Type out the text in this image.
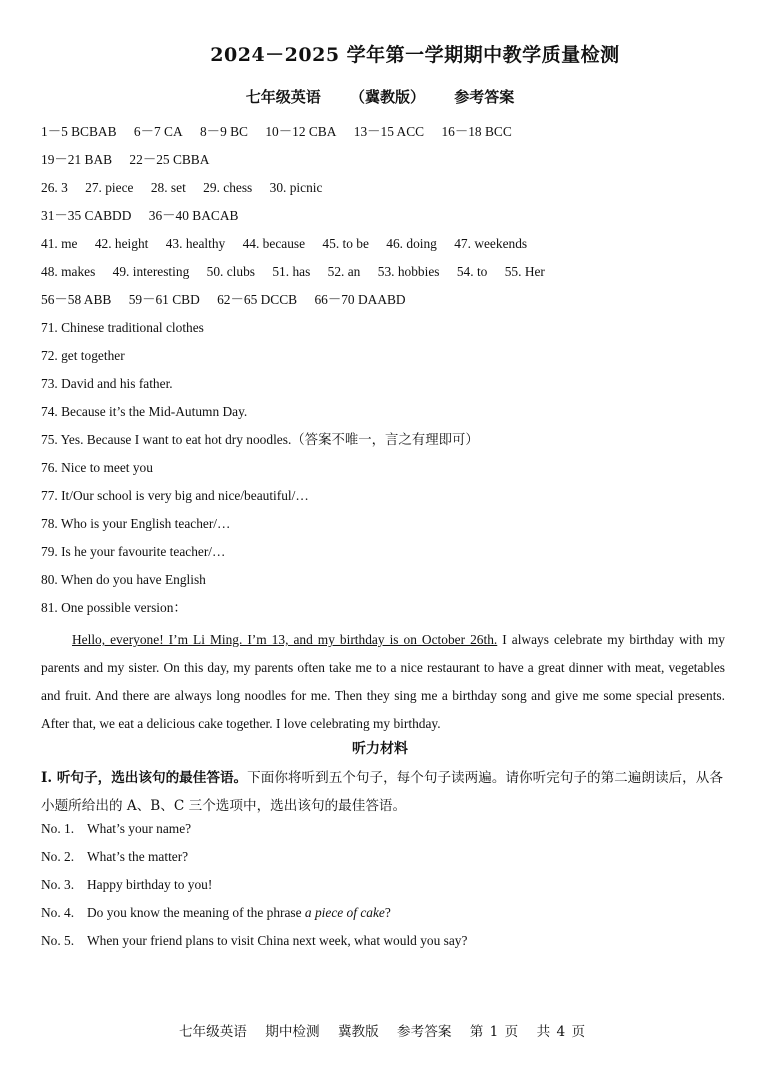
2024－2025 学年第一学期期中教学质量检测
七年级英语 （冀教版） 参考答案
1－5 BCBAB 6－7 CA 8－9 BC 10－12 CBA 13－15 ACC 16－18 BCC
19－21 BAB 22－25 CBBA
26. 3 27. piece 28. set 29. chess 30. picnic
31－35 CABDD 36－40 BACAB
41. me 42. height 43. healthy 44. because 45. to be 46. doing 47. weekends
48. makes 49. interesting 50. clubs 51. has 52. an 53. hobbies 54. to 55. Her
56－58 ABB 59－61 CBD 62－65 DCCB 66－70 DAABD
71. Chinese traditional clothes
72. get together
73. David and his father.
74. Because it’s the Mid-Autumn Day.
75. Yes. Because I want to eat hot dry noodles.（答案不唯一，言之有理即可）
76. Nice to meet you
77. It/Our school is very big and nice/beautiful/…
78. Who is your English teacher/…
79. Is he your favourite teacher/…
80. When do you have English
81. One possible version：
Hello, everyone! I’m Li Ming. I’m 13, and my birthday is on October 26th. I always celebrate my birthday with my parents and my sister. On this day, my parents often take me to a nice restaurant to have a great dinner with meat, vegetables and fruit. And there are always long noodles for me. Then they sing me a birthday song and give me some special presents. After that, we eat a delicious cake together. I love celebrating my birthday.
听力材料
Ⅰ. 听句子，选出该句的最佳答语。下面你将听到五个句子，每个句子读两遍。请你听完句子的第二遍朗读后，从各小题所给出的 A、B、C 三个选项中，选出该句的最佳答语。
No. 1. What’s your name?
No. 2. What’s the matter?
No. 3. Happy birthday to you!
No. 4. Do you know the meaning of the phrase a piece of cake?
No. 5. When your friend plans to visit China next week, what would you say?
七年级英语 期中检测 冀教版 参考答案 第 1 页 共 4 页
